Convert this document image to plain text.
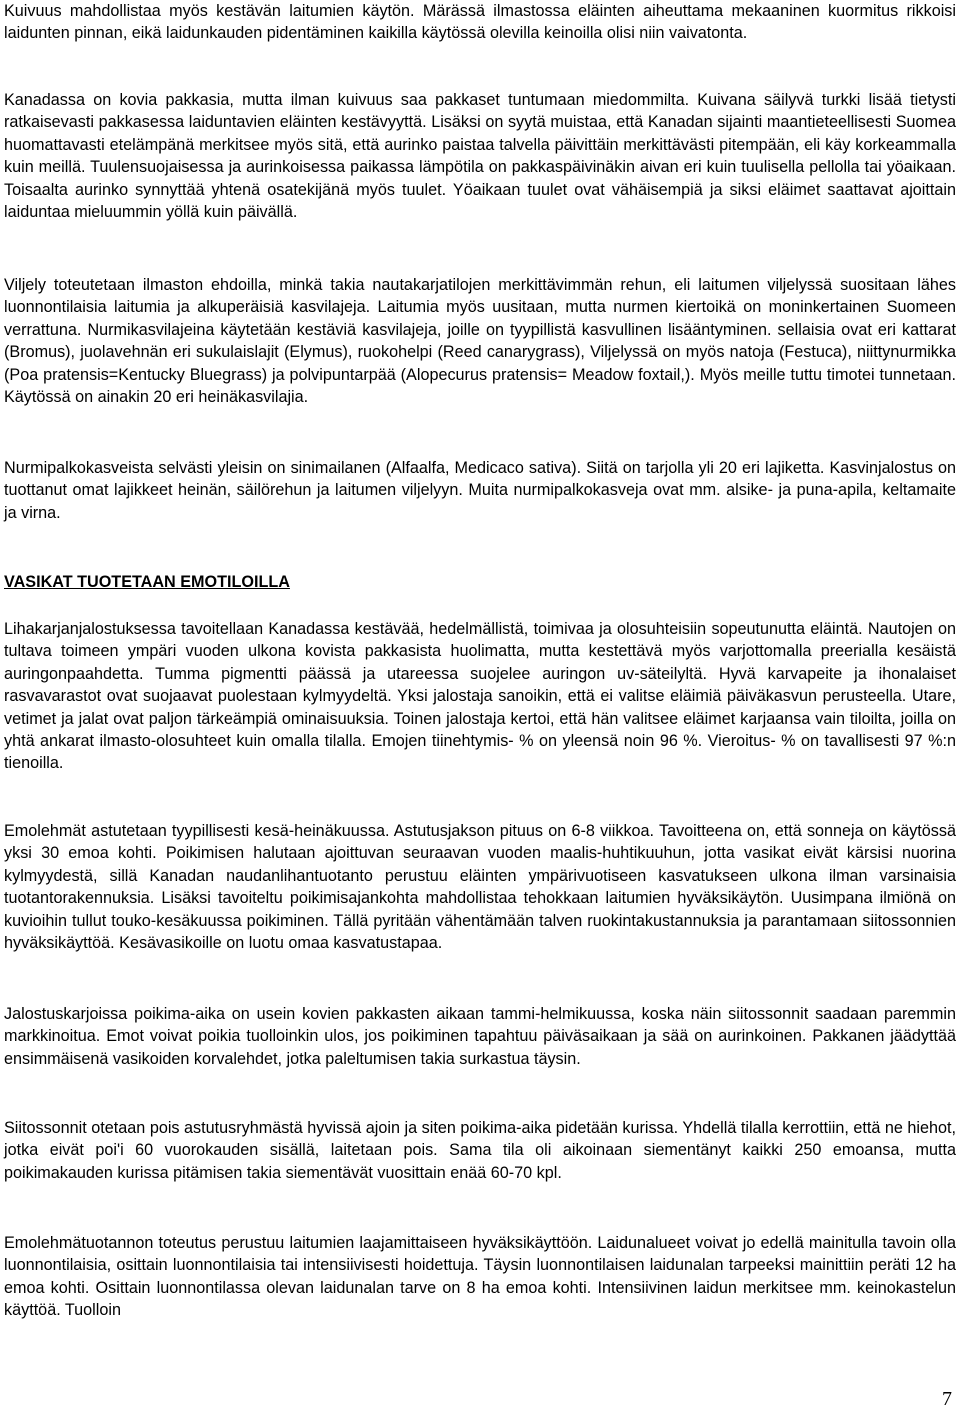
Kuivuus mahdollistaa myös kestävän laitumien käytön. Märässä ilmastossa eläinten aiheuttama mekaaninen kuormitus rikkoisi laidunten pinnan, eikä laidunkauden pidentäminen kaikilla käytössä olevilla keinoilla olisi niin vaivatonta.

Kanadassa on kovia pakkasia, mutta ilman kuivuus saa pakkaset tuntumaan miedommilta. Kuivana säilyvä turkki lisää tietysti ratkaisevasti pakkasessa laiduntavien eläinten kestävyyttä. Lisäksi on syytä muistaa, että Kanadan sijainti maantieteellisesti Suomea huomattavasti etelämpänä merkitsee myös sitä, että aurinko paistaa talvella päivittäin merkittävästi pitempään, eli käy korkeammalla kuin meillä. Tuulensuojaisessa ja aurinkoisessa paikassa lämpötila on pakkaspäivinäkin aivan eri kuin tuulisella pellolla tai yöaikaan. Toisaalta aurinko synnyttää yhtenä osatekijänä myös tuulet. Yöaikaan tuulet ovat vähäisempiä ja siksi eläimet saattavat ajoittain laiduntaa mieluummin yöllä kuin päivällä.

Viljely toteutetaan ilmaston ehdoilla, minkä takia nautakarjatilojen merkittävimmän rehun, eli laitumen viljelyssä suositaan lähes luonnontilaisia laitumia ja alkuperäisiä kasvilajeja. Laitumia myös uusitaan, mutta nurmen kiertoikä on moninkertainen Suomeen verrattuna. Nurmikasvilajeina käytetään kestäviä kasvilajeja, joille on tyypillistä kasvullinen lisääntyminen. sellaisia ovat eri kattarat (Bromus), juolavehnän eri sukulaislajit (Elymus), ruokohelpi (Reed canarygrass), Viljelyssä on myös natoja (Festuca), niittynurmikka (Poa pratensis=Kentucky Bluegrass) ja polvipuntarpää (Alopecurus pratensis= Meadow foxtail,). Myös meille tuttu timotei tunnetaan. Käytössä on ainakin 20 eri heinäkasvilajia.

Nurmipalkokasveista selvästi yleisin on sinimailanen (Alfaalfa, Medicaco sativa). Siitä on tarjolla yli 20 eri lajiketta. Kasvinjalostus on tuottanut omat lajikkeet heinän, säilörehun ja laitumen viljelyyn. Muita nurmipalkokasveja ovat mm. alsike- ja puna-apila, keltamaite ja virna.

VASIKAT TUOTETAAN EMOTILOILLA

Lihakarjanjalostuksessa tavoitellaan Kanadassa kestävää, hedelmällistä, toimivaa ja olosuhteisiin sopeutunutta eläintä. Nautojen on tultava toimeen ympäri vuoden ulkona kovista pakkasista huolimatta, mutta kestettävä myös varjottomalla preerialla kesäistä auringonpaahdetta. Tumma pigmentti päässä ja utareessa suojelee auringon uv-säteilyltä. Hyvä karvapeite ja ihonalaiset rasvavarastot ovat suojaavat puolestaan kylmyydeltä. Yksi jalostaja sanoikin, että ei valitse eläimiä päiväkasvun perusteella. Utare, vetimet ja jalat ovat paljon tärkeämpiä ominaisuuksia. Toinen jalostaja kertoi, että hän valitsee eläimet karjaansa vain tiloilta, joilla on yhtä ankarat ilmasto-olosuhteet kuin omalla tilalla. Emojen tiinehtymis- % on yleensä noin 96 %. Vieroitus- % on tavallisesti 97 %:n tienoilla.

Emolehmät astutetaan tyypillisesti kesä-heinäkuussa. Astutusjakson pituus on 6-8 viikkoa. Tavoitteena on, että sonneja on käytössä yksi 30 emoa kohti. Poikimisen halutaan ajoittuvan seuraavan vuoden maalis-huhtikuuhun, jotta vasikat eivät kärsisi nuorina kylmyydestä, sillä Kanadan naudanlihantuotanto perustuu eläinten ympärivuotiseen kasvatukseen ulkona ilman varsinaisia tuotantorakennuksia. Lisäksi tavoiteltu poikimisajankohta mahdollistaa tehokkaan laitumien hyväksikäytön. Uusimpana ilmiönä on kuvioihin tullut touko-kesäkuussa poikiminen. Tällä pyritään vähentämään talven ruokintakustannuksia ja parantamaan siitossonnien hyväksikäyttöä. Kesävasikoille on luotu omaa kasvatustapaa.

Jalostuskarjoissa poikima-aika on usein kovien pakkasten aikaan tammi-helmikuussa, koska näin siitossonnit saadaan paremmin markkinoitua. Emot voivat poikia tuolloinkin ulos, jos poikiminen tapahtuu päiväsaikaan ja sää on aurinkoinen. Pakkanen jäädyttää ensimmäisenä vasikoiden korvalehdet, jotka paleltumisen takia surkastua täysin.

Siitossonnit otetaan pois astutusryhmästä hyvissä ajoin ja siten poikima-aika pidetään kurissa. Yhdellä tilalla kerrottiin, että ne hiehot, jotka eivät poi'i 60 vuorokauden sisällä, laitetaan pois. Sama tila oli aikoinaan siementänyt kaikki 250 emoansa, mutta poikimakauden kurissa pitämisen takia siementävät vuosittain enää 60-70 kpl.

Emolehmätuotannon toteutus perustuu laitumien laajamittaiseen hyväksikäyttöön. Laidunalueet voivat jo edellä mainitulla tavoin olla luonnontilaisia, osittain luonnontilaisia tai intensiivisesti hoidettuja. Täysin luonnontilaisen laidunalan tarpeeksi mainittiin peräti 12 ha emoa kohti. Osittain luonnontilassa olevan laidunalan tarve on 8 ha emoa kohti. Intensiivinen laidun merkitsee mm. keinokastelun käyttöä. Tuolloin

7
